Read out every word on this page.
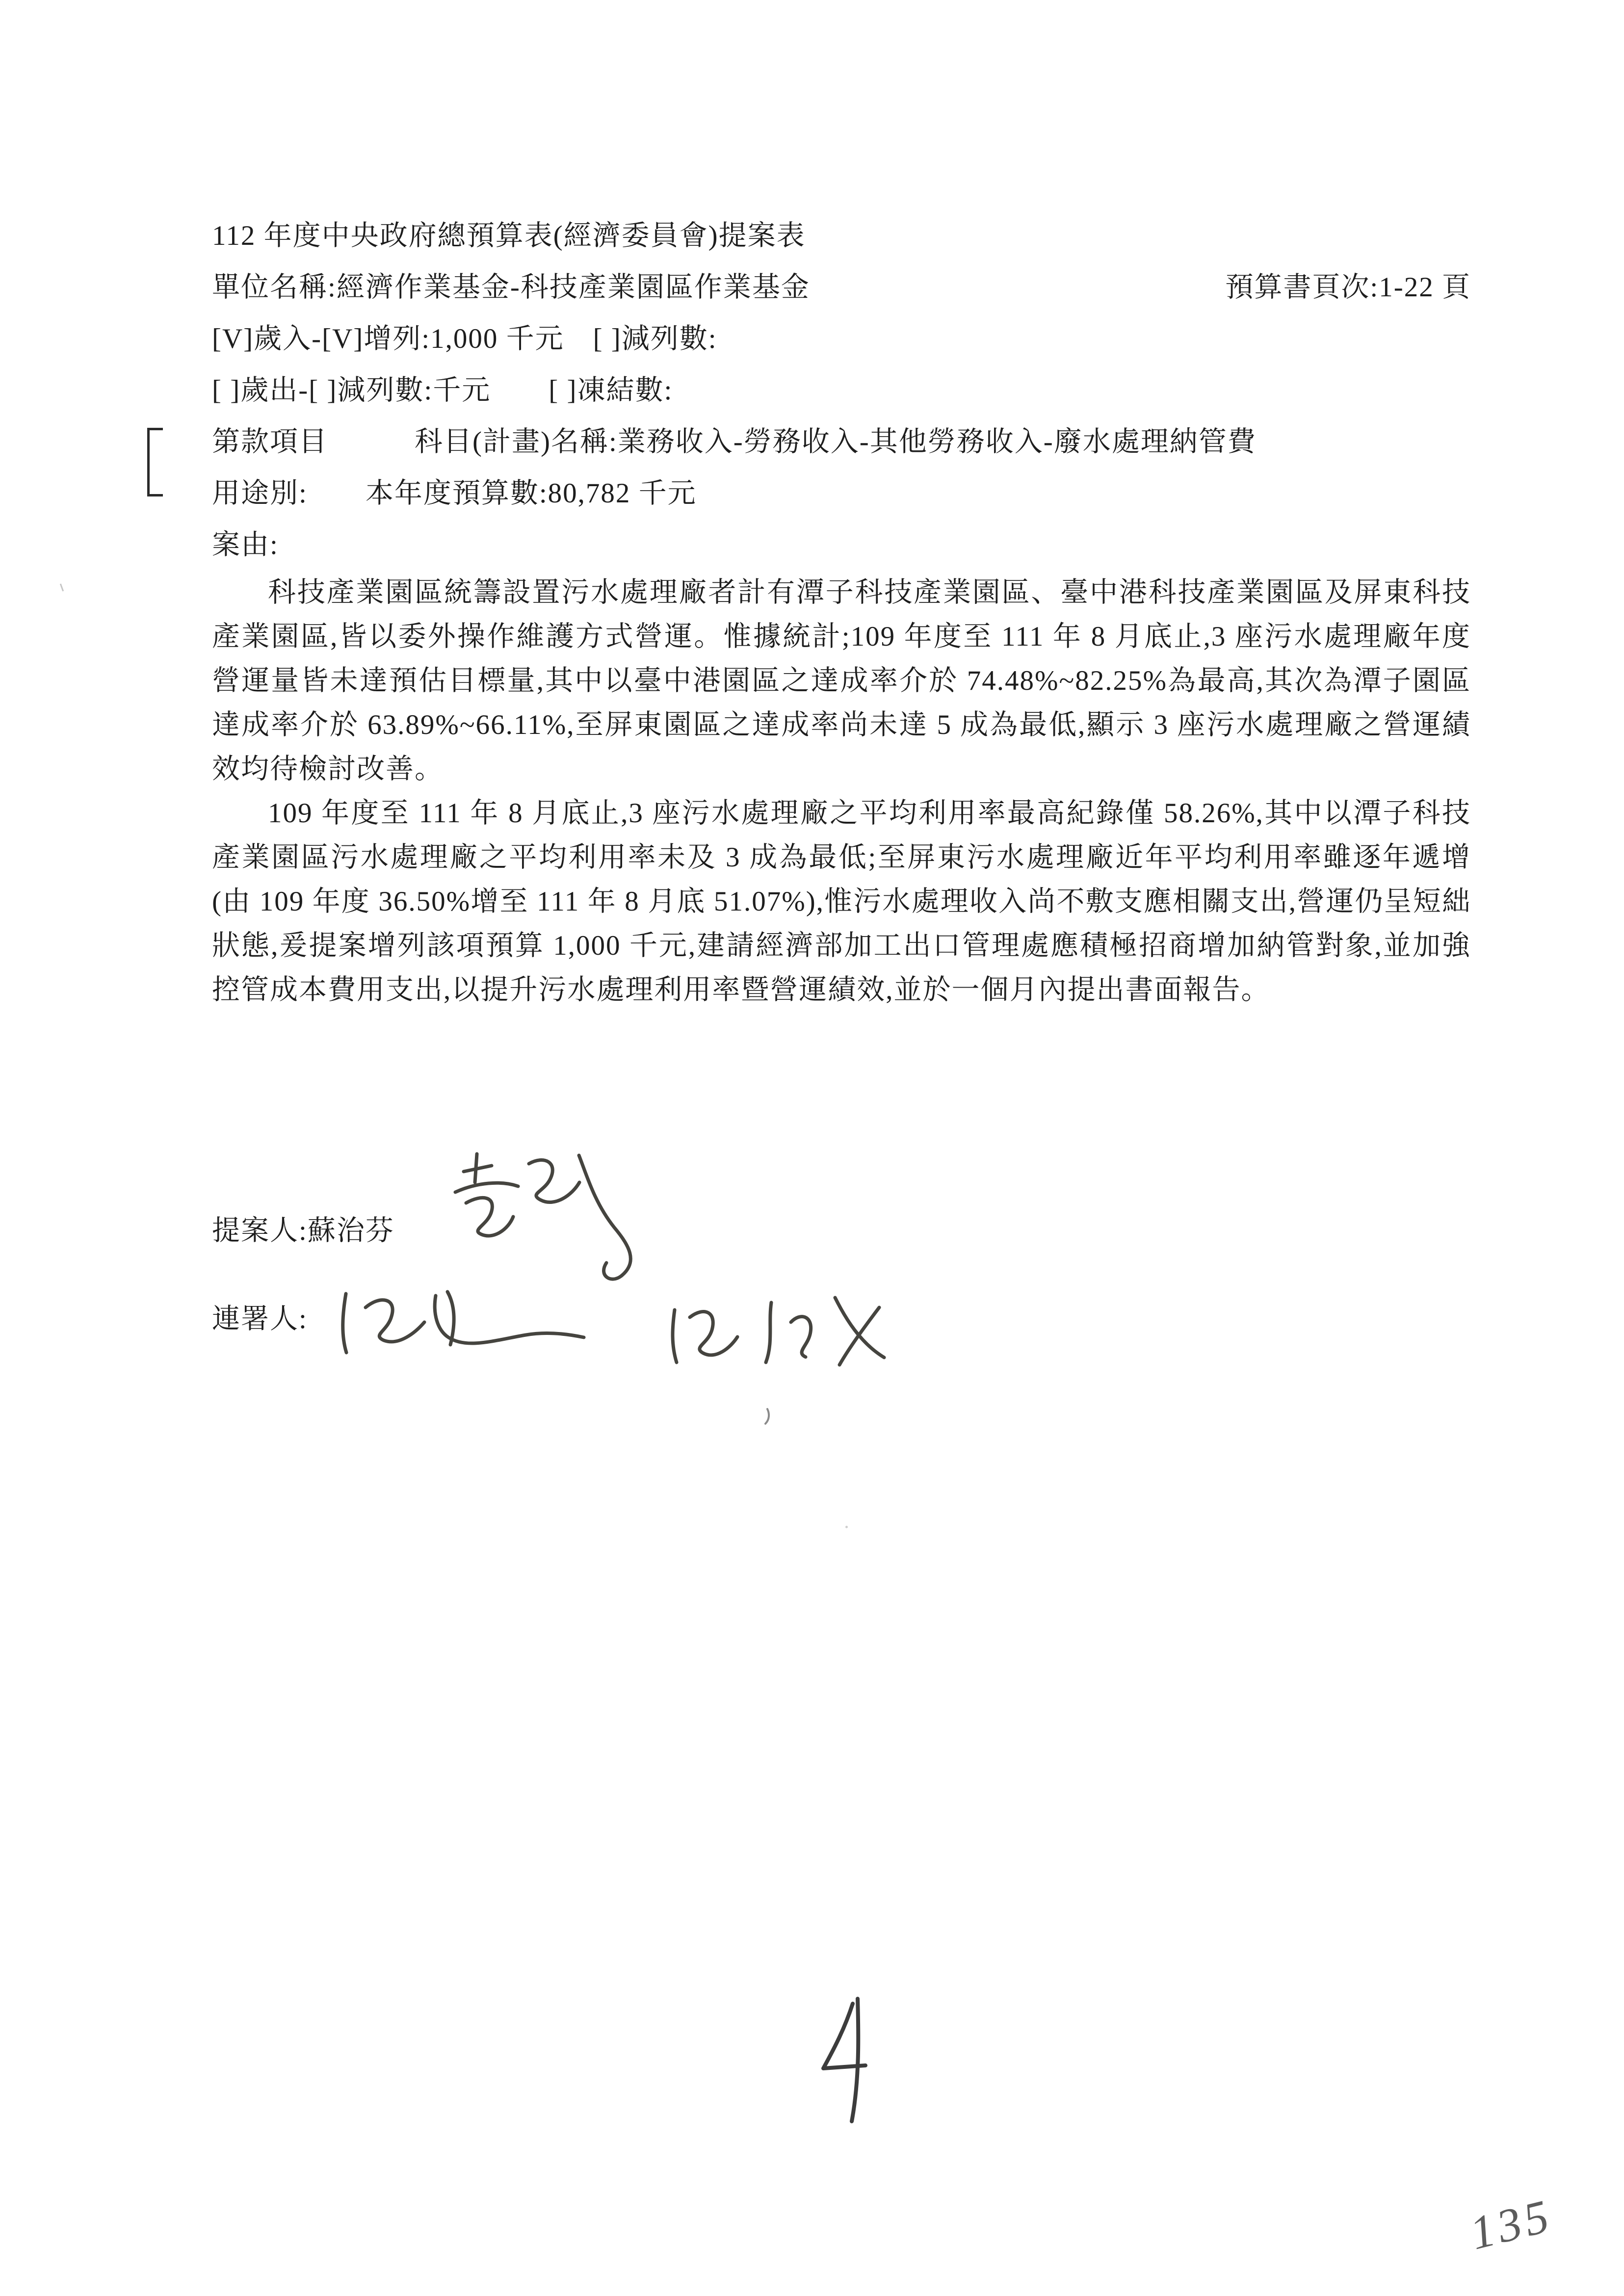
112 年度中央政府總預算表(經濟委員會)提案表
單位名稱:經濟作業基金-科技產業園區作業基金	預算書頁次:1-22 頁
[V]歲入-[V]增列:1,000 千元　[ ]減列數:
[ ]歲出-[ ]減列數:千元　　[ ]凍結數:
第款項目　　　科目(計畫)名稱:業務收入-勞務收入-其他勞務收入-廢水處理納管費
用途別:　　本年度預算數:80,782 千元
案由:
科技產業園區統籌設置污水處理廠者計有潭子科技產業園區、臺中港科技產業園區及屏東科技產業園區,皆以委外操作維護方式營運。惟據統計;109 年度至 111 年 8 月底止,3 座污水處理廠年度營運量皆未達預估目標量,其中以臺中港園區之達成率介於 74.48%~82.25%為最高,其次為潭子園區達成率介於 63.89%~66.11%,至屏東園區之達成率尚未達 5 成為最低,顯示 3 座污水處理廠之營運績效均待檢討改善。
109 年度至 111 年 8 月底止,3 座污水處理廠之平均利用率最高紀錄僅 58.26%,其中以潭子科技產業園區污水處理廠之平均利用率未及 3 成為最低;至屏東污水處理廠近年平均利用率雖逐年遞增(由 109 年度 36.50%增至 111 年 8 月底 51.07%),惟污水處理收入尚不敷支應相關支出,營運仍呈短絀狀態,爰提案增列該項預算 1,000 千元,建請經濟部加工出口管理處應積極招商增加納管對象,並加強控管成本費用支出,以提升污水處理利用率暨營運績效,並於一個月內提出書面報告。
提案人:蘇治芬
連署人:
135
